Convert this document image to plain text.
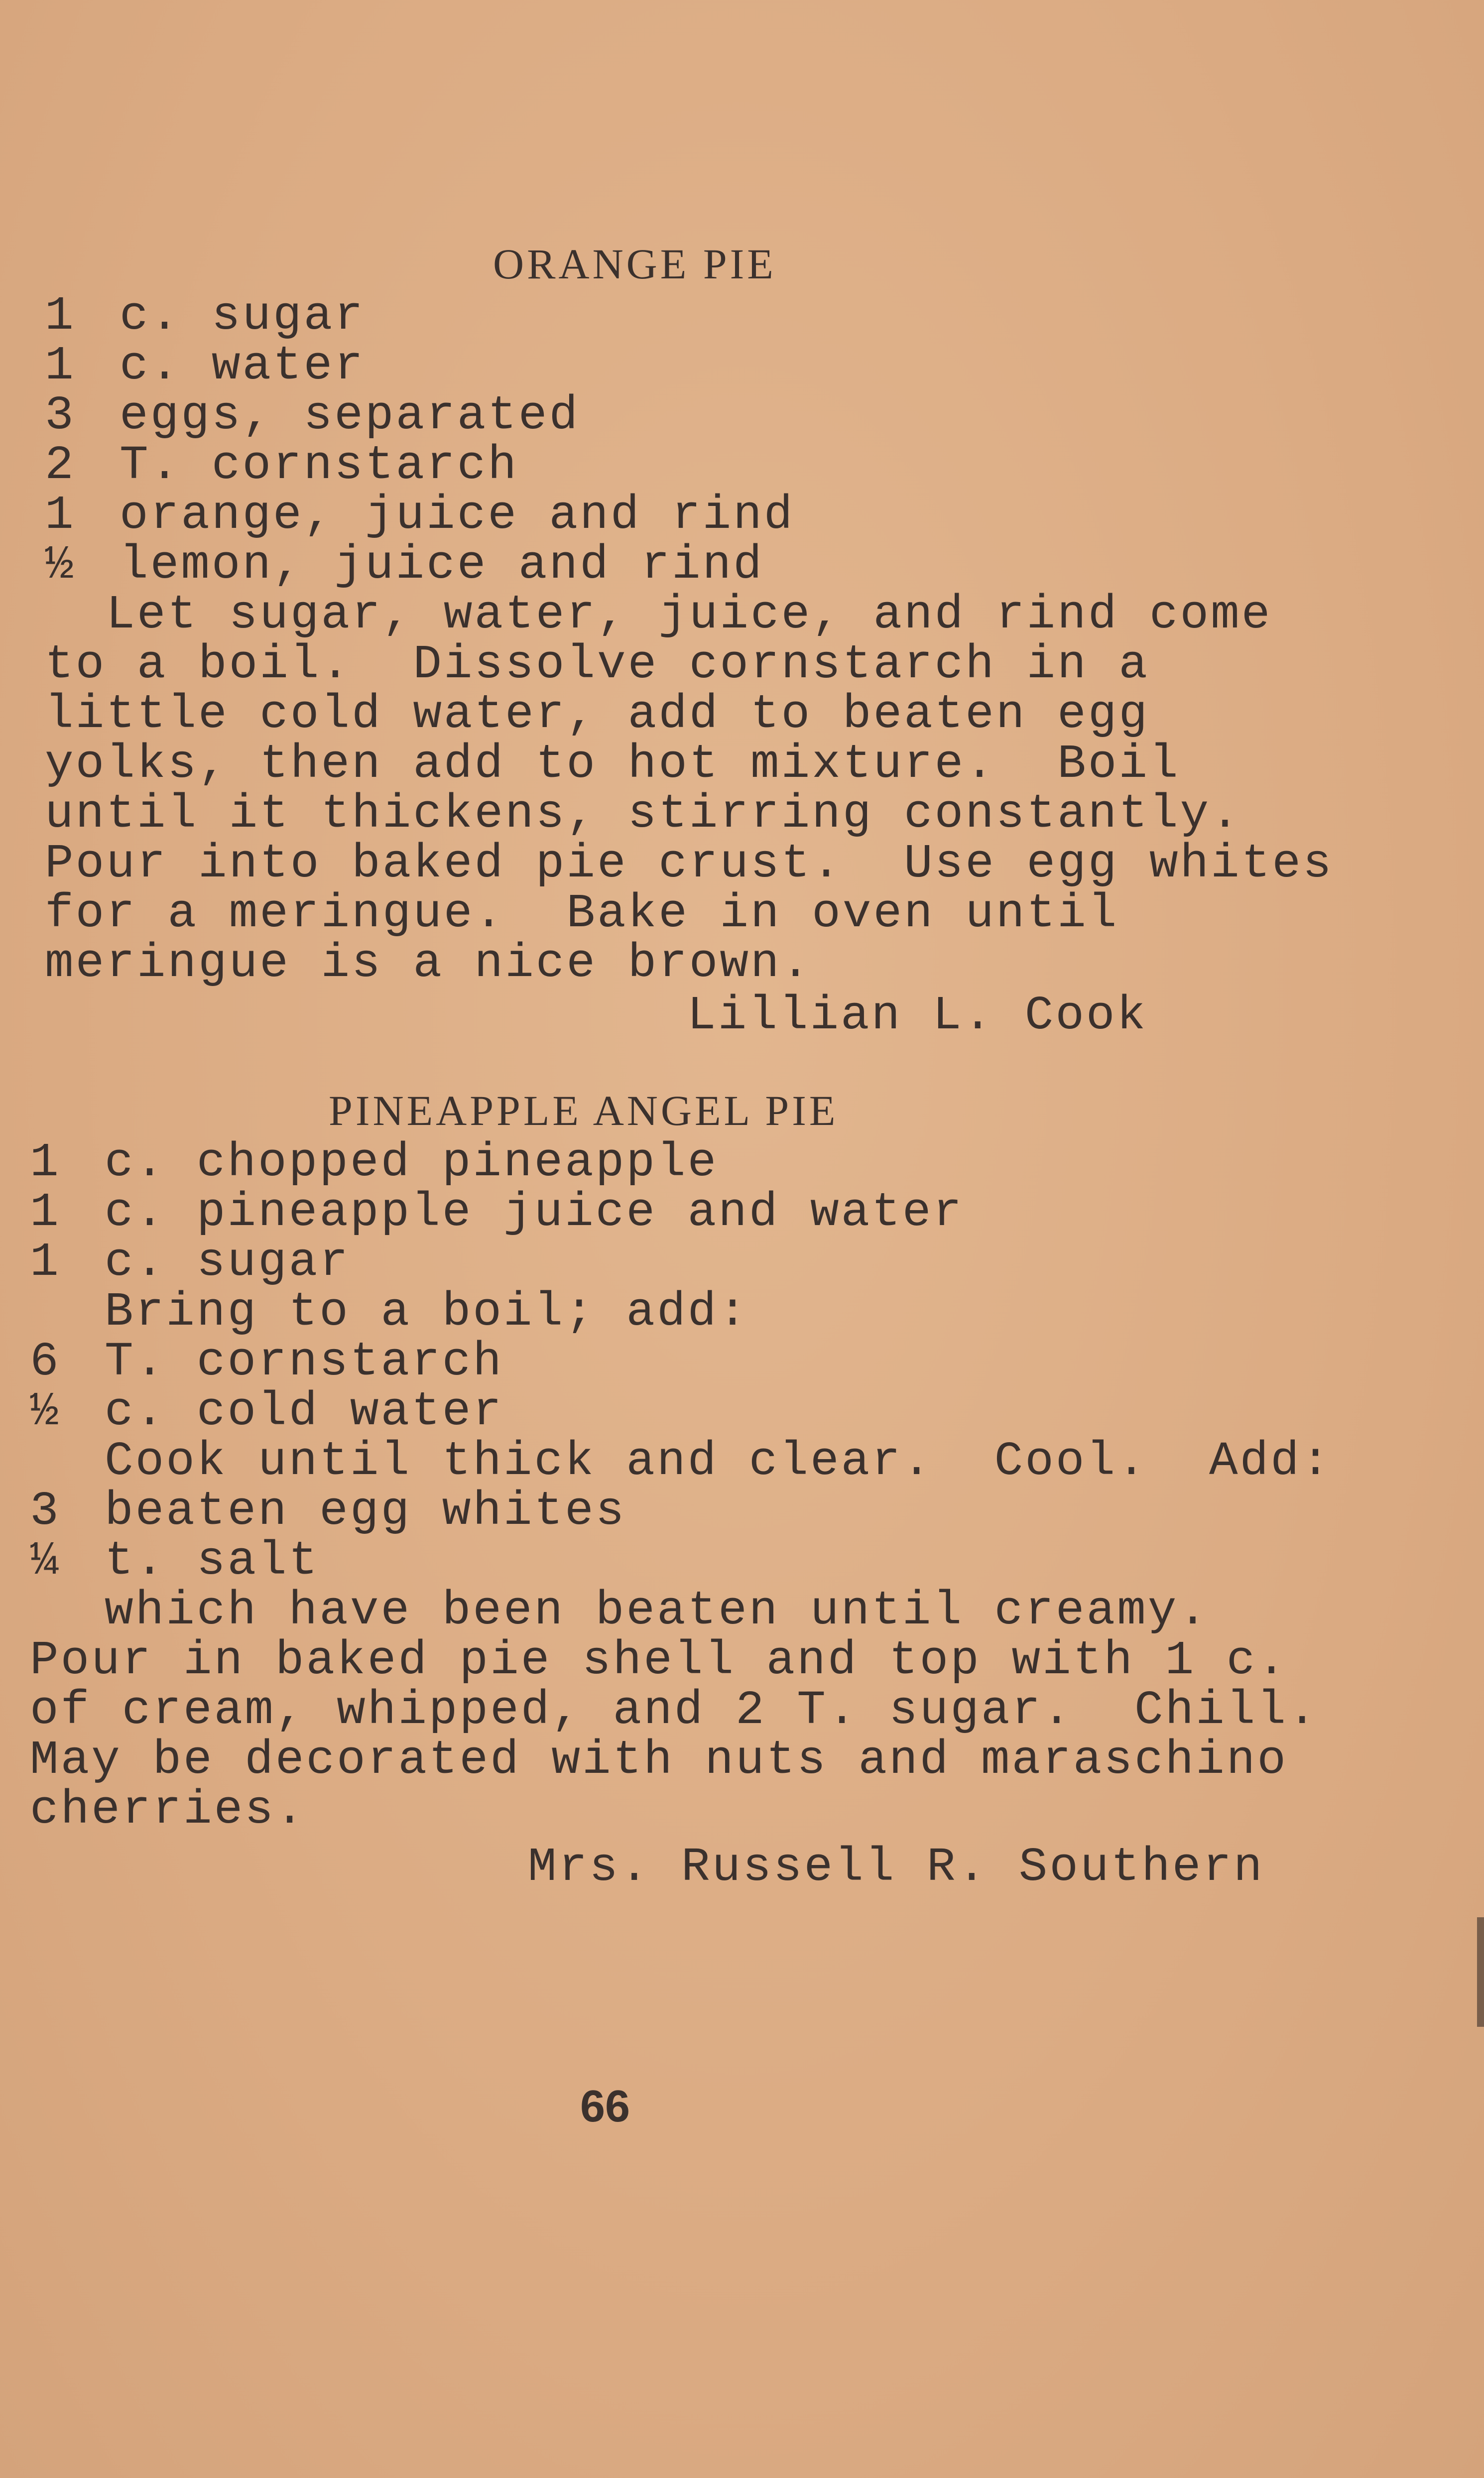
ORANGE PIE
1 c. sugar
1 c. water
3 eggs, separated
2 T. cornstarch
1 orange, juice and rind
½ lemon, juice and rind
Let sugar, water, juice, and rind come
to a boil.  Dissolve cornstarch in a
little cold water, add to beaten egg
yolks, then add to hot mixture.  Boil
until it thickens, stirring constantly.
Pour into baked pie crust.  Use egg whites
for a meringue.  Bake in oven until
meringue is a nice brown.
Lillian L. Cook
PINEAPPLE ANGEL PIE
1 c. chopped pineapple
1 c. pineapple juice and water
1 c. sugar
Bring to a boil; add:
6 T. cornstarch
½ c. cold water
Cook until thick and clear.  Cool.  Add:
3 beaten egg whites
¼ t. salt
which have been beaten until creamy.
Pour in baked pie shell and top with 1 c.
of cream, whipped, and 2 T. sugar.  Chill.
May be decorated with nuts and maraschino
cherries.
Mrs. Russell R. Southern
66
